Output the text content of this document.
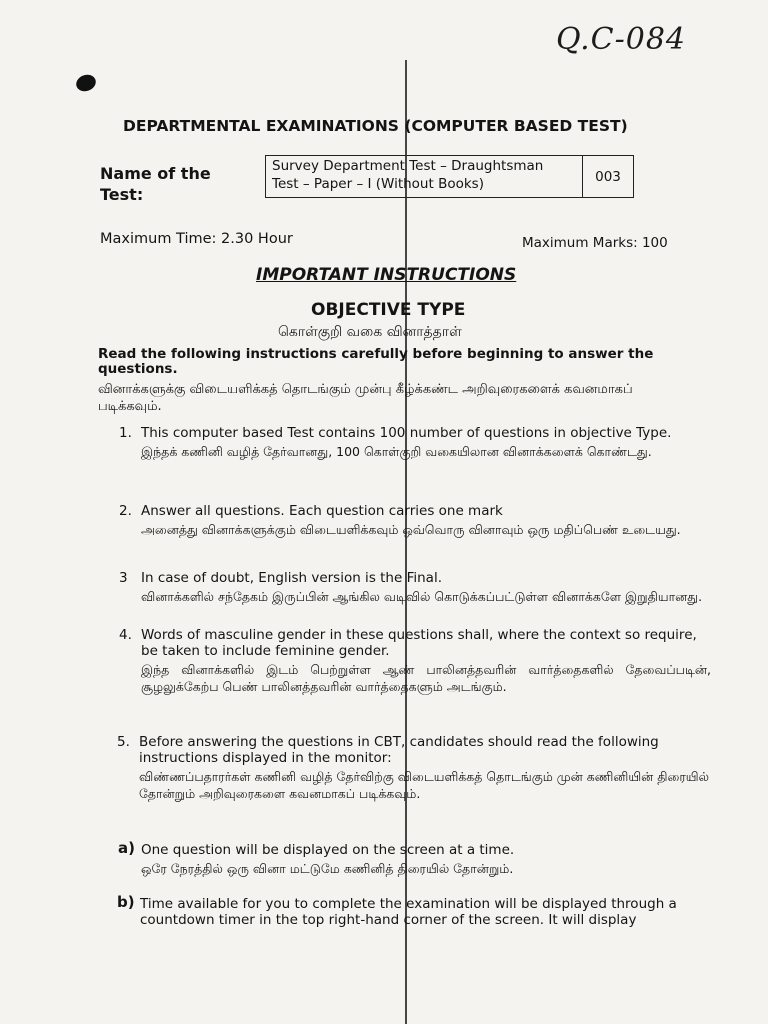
Q.C-084
DEPARTMENTAL EXAMINATIONS (COMPUTER BASED TEST)
Name of the Test:
Survey Department Test – Draughtsman
Test – Paper – I (Without Books)	003
Maximum Time: 2.30 Hour	Maximum Marks: 100
IMPORTANT INSTRUCTIONS
OBJECTIVE TYPE
கொள்குறி வகை வினாத்தாள்
Read the following instructions carefully before beginning to answer the questions.
வினாக்களுக்கு விடையளிக்கத் தொடங்கும் முன்பு கீழ்க்கண்ட அறிவுரைகளைக் கவனமாகப் படிக்கவும்.
1. This computer based Test contains 100 number of questions in objective Type.
இந்தக் கணினி வழித் தேர்வானது, 100 கொள்குறி வகையிலான வினாக்களைக் கொண்டது.
2. Answer all questions. Each question carries one mark
அனைத்து வினாக்களுக்கும் விடையளிக்கவும் ஒவ்வொரு வினாவும் ஒரு மதிப்பெண் உடையது.
3 In case of doubt, English version is the Final.
வினாக்களில் சந்தேகம் இருப்பின் ஆங்கில வடிவில் கொடுக்கப்பட்டுள்ள வினாக்களே இறுதியானது.
4. Words of masculine gender in these questions shall, where the context so require, be taken to include feminine gender.
இந்த வினாக்களில் இடம் பெற்றுள்ள ஆண் பாலினத்தவரின் வார்த்தைகளில் தேவைப்படின், சூழலுக்கேற்ப பெண் பாலினத்தவரின் வார்த்தைகளும் அடங்கும்.
5. Before answering the questions in CBT, candidates should read the following instructions displayed in the monitor:
விண்ணப்பதாரர்கள் கணினி வழித் தேர்விற்கு விடையளிக்கத் தொடங்கும் முன் கணினியின் திரையில் தோன்றும் அறிவுரைகளை கவனமாகப் படிக்கவும்.
a) One question will be displayed on the screen at a time.
ஒரே நேரத்தில் ஒரு வினா மட்டுமே கணினித் திரையில் தோன்றும்.
b) Time available for you to complete the examination will be displayed through a countdown timer in the top right-hand corner of the screen. It will display
